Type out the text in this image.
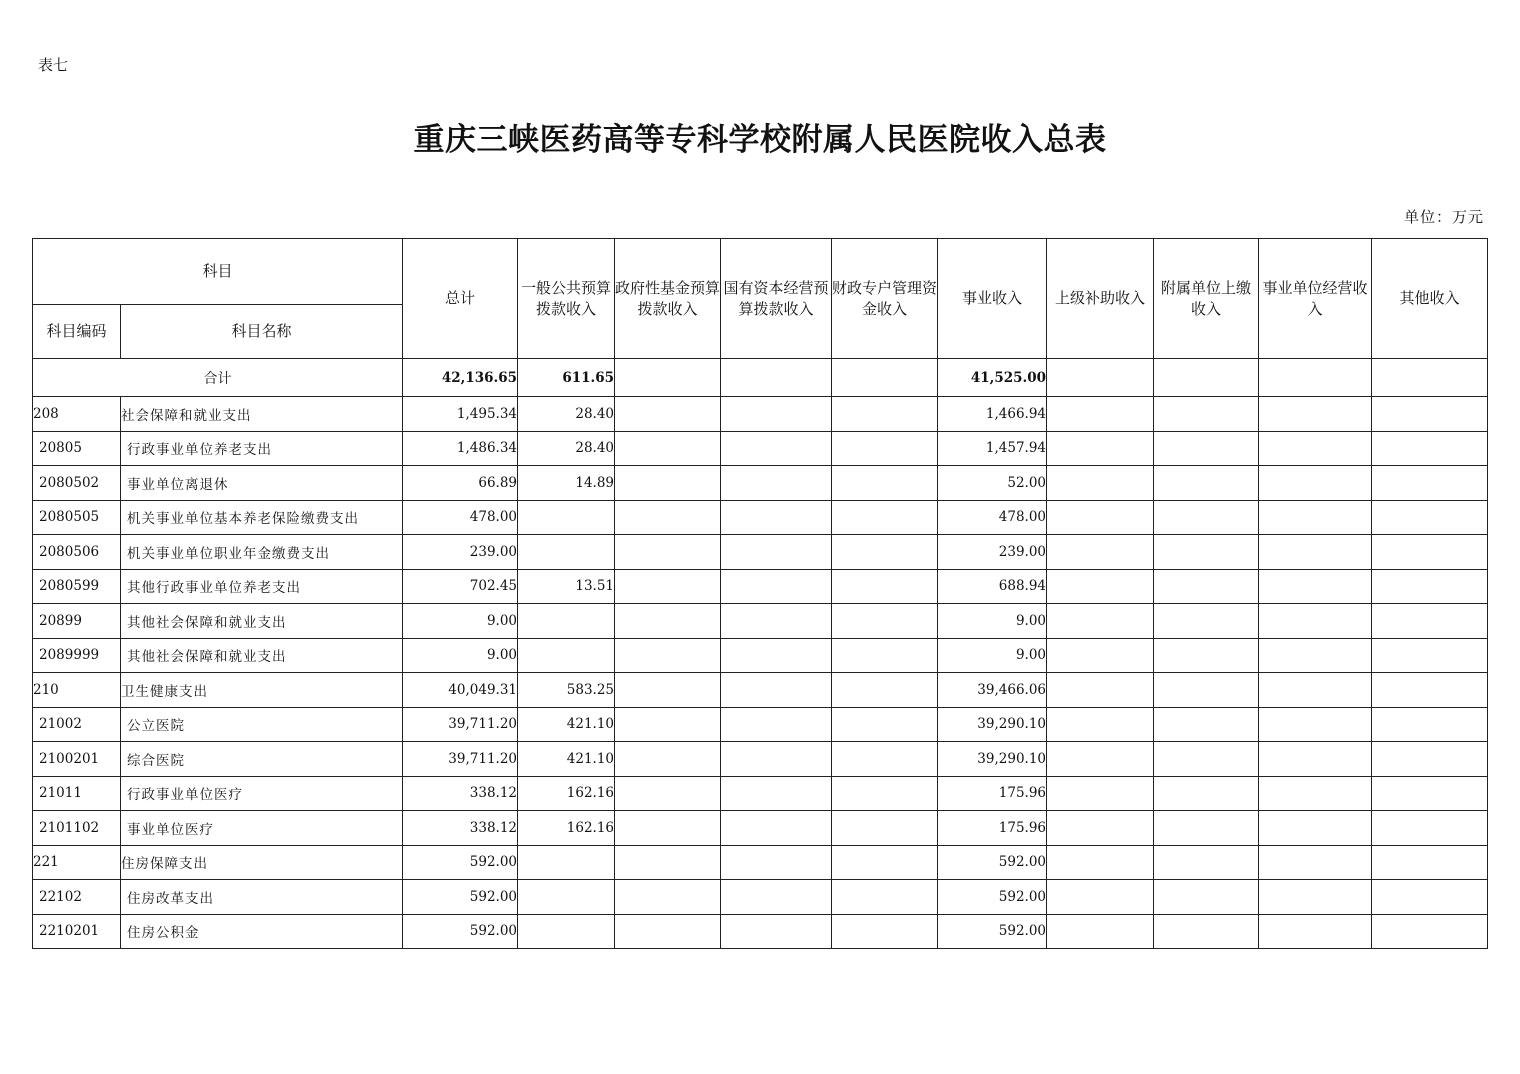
表七
重庆三峡医药高等专科学校附属人民医院收入总表
单位：万元
科目		总计	一般公共预算拨款收入	政府性基金预算拨款收入	国有资本经营预算拨款收入	财政专户管理资金收入	事业收入	上级补助收入	附属单位上缴收入	事业单位经营收入	其他收入
科目编码	科目名称										
合计		42,136.65	611.65				41,525.00				
208	社会保障和就业支出	1,495.34	28.40				1,466.94				
20805	行政事业单位养老支出	1,486.34	28.40				1,457.94				
2080502	事业单位离退休	66.89	14.89				52.00				
2080505	机关事业单位基本养老保险缴费支出	478.00					478.00				
2080506	机关事业单位职业年金缴费支出	239.00					239.00				
2080599	其他行政事业单位养老支出	702.45	13.51				688.94				
20899	其他社会保障和就业支出	9.00					9.00				
2089999	其他社会保障和就业支出	9.00					9.00				
210	卫生健康支出	40,049.31	583.25				39,466.06				
21002	公立医院	39,711.20	421.10				39,290.10				
2100201	综合医院	39,711.20	421.10				39,290.10				
21011	行政事业单位医疗	338.12	162.16				175.96				
2101102	事业单位医疗	338.12	162.16				175.96				
221	住房保障支出	592.00					592.00				
22102	住房改革支出	592.00					592.00				
2210201	住房公积金	592.00					592.00				
